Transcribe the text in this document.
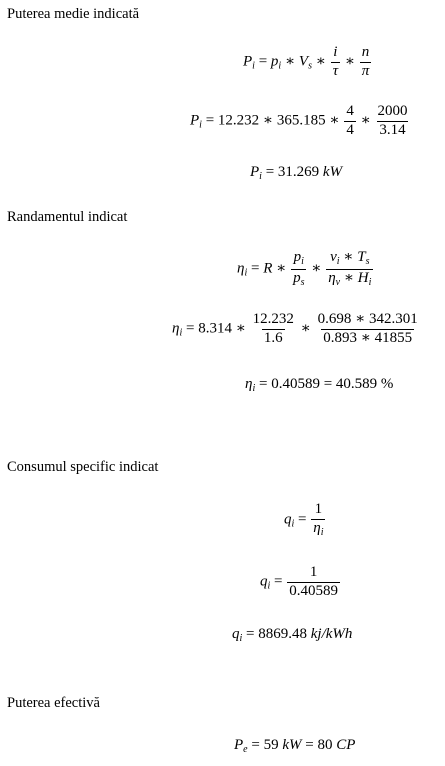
Puterea medie indicată
$P_i = p_i$ ∗ $V_s$ ∗ $\frac{i}{\tau}$ ∗ $\frac{n}{\pi}$
$P_i = 12.232$ ∗ 365.185 ∗ $\frac{4}{4}$ ∗ $\frac{2000}{3.14}$
$P_i = 31.269$ kW
Randamentul indicat
$\eta_i = R$ ∗ $\frac{p_i}{p_s}$ ∗ $\frac{\nu_i ∗ T_s}{\eta_v ∗ H_i}$
$\eta_i = 8.314$ ∗ $\frac{12.232}{1.6}$ ∗ $\frac{0.698 ∗ 342.301}{0.893 ∗ 41855}$
$\eta_i = 0.40589 = 40.589$ %
Consumul specific indicat
$q_i = \frac{1}{\eta_i}$
$q_i = \frac{1}{0.40589}$
$q_i = 8869.48$ kj/kWh
Puterea efectivă
$P_e = 59$ kW = 80 CP
